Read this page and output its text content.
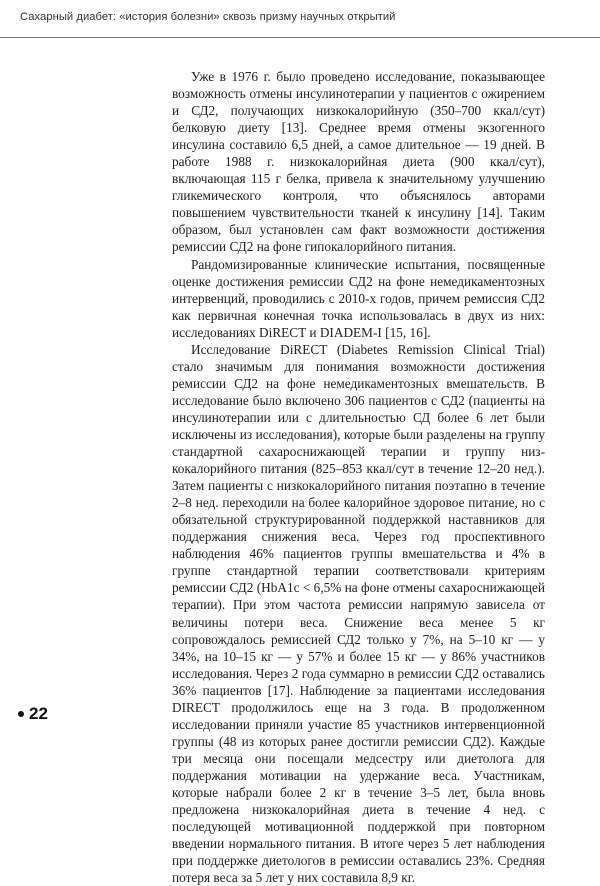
Сахарный диабет: «история болезни» сквозь призму научных открытий

Уже в 1976 г. было проведено исследование, показывающее возможность отмены инсулинотерапии у пациентов с ожирением и СД2, получающих низкокалорийную (350–700 ккал/сут) белковую диету [13]. Среднее время отмены экзогенного инсулина составило 6,5 дней, а самое длительное — 19 дней. В работе 1988 г. низкокалорийная диета (900 ккал/сут), включающая 115 г белка, привела к значительному улучшению гликемического контроля, что объяснялось авторами повышением чувствительности тканей к инсулину [14]. Таким образом, был установлен сам факт возможности достижения ремиссии СД2 на фоне гипокалорийного питания.

Рандомизированные клинические испытания, посвященные оценке достижения ремиссии СД2 на фоне немедикаментозных интервенций, проводились с 2010-х годов, причем ремиссия СД2 как первичная конечная точка использовалась в двух из них: исследованиях DiRECT и DIADEM-I [15, 16].

Исследование DiRECT (Diabetes Remission Clinical Trial) стало значимым для понимания возможности достижения ремиссии СД2 на фоне немедикаментозных вмешательств. В исследование было включено 306 пациентов с СД2 (пациенты на инсулинотерапии или с длительностью СД более 6 лет были исключены из исследования), которые были разделены на группу стандартной сахароснижающей терапии и группу низкокалорийного питания (825–853 ккал/сут в течение 12–20 нед.). Затем пациенты с низкокалорийного питания поэтапно в течение 2–8 нед. переходили на более калорийное здоровое питание, но с обязательной структурированной поддержкой наставников для поддержания снижения веса. Через год проспективного наблюдения 46% пациентов группы вмешательства и 4% в группе стандартной терапии соответствовали критериям ремиссии СД2 (HbA1c < 6,5% на фоне отмены сахароснижающей терапии). При этом частота ремиссии напрямую зависела от величины потери веса. Снижение веса менее 5 кг сопровождалось ремиссией СД2 только у 7%, на 5–10 кг — у 34%, на 10–15 кг — у 57% и более 15 кг — у 86% участников исследования. Через 2 года суммарно в ремиссии СД2 оставались 36% пациентов [17]. Наблюдение за пациентами исследования DIRECT продолжилось еще на 3 года. В продолженном исследовании приняли участие 85 участников интервенционной группы (48 из которых ранее достигли ремиссии СД2). Каждые три месяца они посещали медсестру или диетолога для поддержания мотивации на удержание веса. Участникам, которые набрали более 2 кг в течение 3–5 лет, была вновь предложена низкокалорийная диета в течение 4 нед. с последующей мотивационной поддержкой при повторном введении нормального питания. В итоге через 5 лет наблюдения при поддержке диетологов в ремиссии оставались 23%. Средняя потеря веса за 5 лет у них составила 8,9 кг.

22
